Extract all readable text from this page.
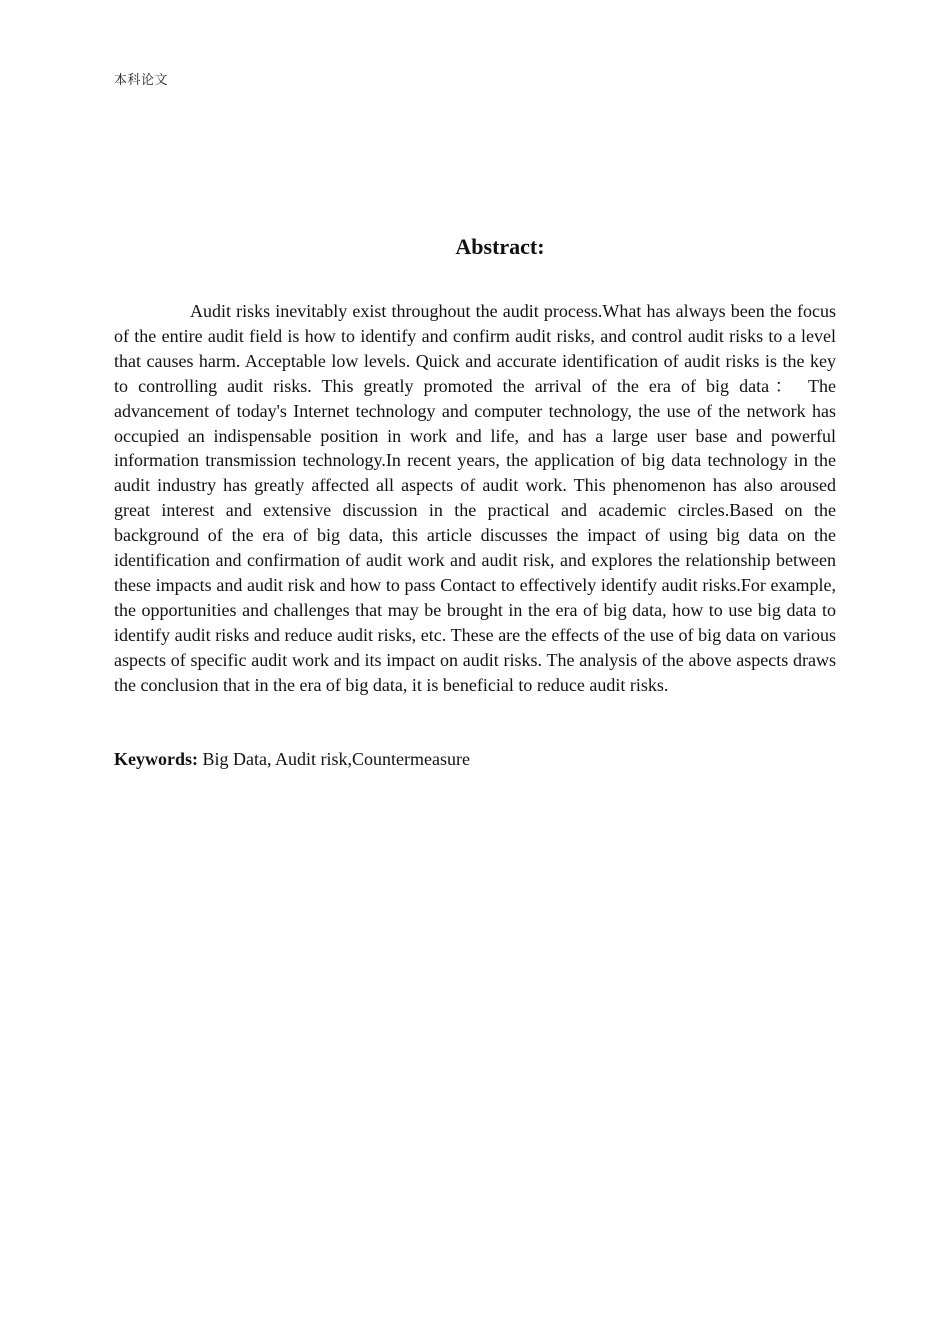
本科论文
Abstract:

Audit risks inevitably exist throughout the audit process.What has always been the focus of the entire audit field is how to identify and confirm audit risks, and control audit risks to a level that causes harm. Acceptable low levels. Quick and accurate identification of audit risks is the key to controlling audit risks. This greatly promoted the arrival of the era of big data： The advancement of today's Internet technology and computer technology, the use of the network has occupied an indispensable position in work and life, and has a large user base and powerful information transmission technology.In recent years, the application of big data technology in the audit industry has greatly affected all aspects of audit work. This phenomenon has also aroused great interest and extensive discussion in the practical and academic circles.Based on the background of the era of big data, this article discusses the impact of using big data on the identification and confirmation of audit work and audit risk, and explores the relationship between these impacts and audit risk and how to pass Contact to effectively identify audit risks.For example, the opportunities and challenges that may be brought in the era of big data, how to use big data to identify audit risks and reduce audit risks, etc. These are the effects of the use of big data on various aspects of specific audit work and its impact on audit risks. The analysis of the above aspects draws the conclusion that in the era of big data, it is beneficial to reduce audit risks.

Keywords: Big Data, Audit risk,Countermeasure
